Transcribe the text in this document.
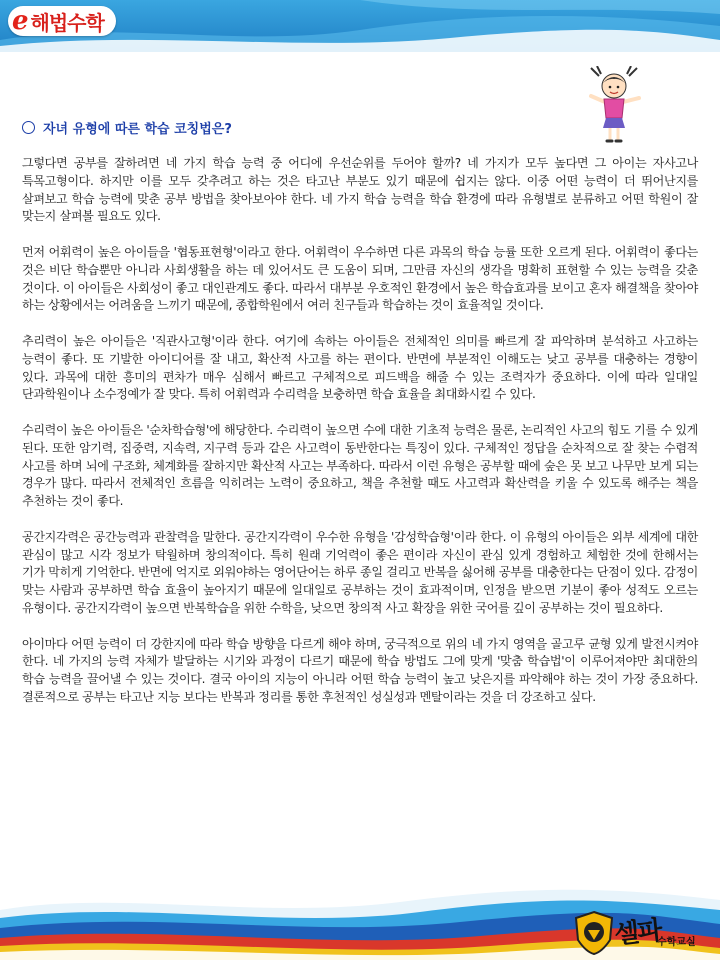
e 해법수학
자녀 유형에 따른 학습 코칭법은?

그렇다면 공부를 잘하려면 네 가지 학습 능력 중 어디에 우선순위를 두어야 할까? 네 가지가 모두 높다면 그 아이는 자사고나 특목고형이다. 하지만 이를 모두 갖추려고 하는 것은 타고난 부분도 있기 때문에 쉽지는 않다. 이중 어떤 능력이 더 뛰어난지를 살펴보고 학습 능력에 맞춘 공부 방법을 찾아보아야 한다. 네 가지 학습 능력을 학습 환경에 따라 유형별로 분류하고 어떤 학원이 잘 맞는지 살펴볼 필요도 있다.

먼저 어휘력이 높은 아이들을 '협동표현형'이라고 한다. 어휘력이 우수하면 다른 과목의 학습 능률 또한 오르게 된다. 어휘력이 좋다는 것은 비단 학습뿐만 아니라 사회생활을 하는 데 있어서도 큰 도움이 되며, 그만큼 자신의 생각을 명확히 표현할 수 있는 능력을 갖춘 것이다. 이 아이들은 사회성이 좋고 대인관계도 좋다. 따라서 대부분 우호적인 환경에서 높은 학습효과를 보이고 혼자 해결책을 찾아야 하는 상황에서는 어려움을 느끼기 때문에, 종합학원에서 여러 친구들과 학습하는 것이 효율적일 것이다.

추리력이 높은 아이들은 '직관사고형'이라 한다. 여기에 속하는 아이들은 전체적인 의미를 빠르게 잘 파악하며 분석하고 사고하는 능력이 좋다. 또 기발한 아이디어를 잘 내고, 확산적 사고를 하는 편이다. 반면에 부분적인 이해도는 낮고 공부를 대충하는 경향이 있다. 과목에 대한 흥미의 편차가 매우 심해서 빠르고 구체적으로 피드백을 해줄 수 있는 조력자가 중요하다. 이에 따라 일대일 단과학원이나 소수정예가 잘 맞다. 특히 어휘력과 수리력을 보충하면 학습 효율을 최대화시킬 수 있다.

수리력이 높은 아이들은 '순차학습형'에 해당한다. 수리력이 높으면 수에 대한 기초적 능력은 물론, 논리적인 사고의 힘도 기를 수 있게 된다. 또한 암기력, 집중력, 지속력, 지구력 등과 같은 사고력이 동반한다는 특징이 있다. 구체적인 정답을 순차적으로 잘 찾는 수렴적 사고를 하며 뇌에 구조화, 체계화를 잘하지만 확산적 사고는 부족하다. 따라서 이런 유형은 공부할 때에 숲은 못 보고 나무만 보게 되는 경우가 많다. 따라서 전체적인 흐름을 익히려는 노력이 중요하고, 책을 추천할 때도 사고력과 확산력을 키울 수 있도록 해주는 책을 추천하는 것이 좋다.

공간지각력은 공간능력과 관찰력을 말한다. 공간지각력이 우수한 유형을 '감성학습형'이라 한다. 이 유형의 아이들은 외부 세계에 대한 관심이 많고 시각 정보가 탁월하며 창의적이다. 특히 원래 기억력이 좋은 편이라 자신이 관심 있게 경험하고 체험한 것에 한해서는 기가 막히게 기억한다. 반면에 억지로 외워야하는 영어단어는 하루 종일 걸리고 반복을 싫어해 공부를 대충한다는 단점이 있다. 감정이 맞는 사람과 공부하면 학습 효율이 높아지기 때문에 일대일로 공부하는 것이 효과적이며, 인정을 받으면 기분이 좋아 성적도 오르는 유형이다. 공간지각력이 높으면 반복학습을 위한 수학을, 낮으면 창의적 사고 확장을 위한 국어를 깊이 공부하는 것이 필요하다.

아이마다 어떤 능력이 더 강한지에 따라 학습 방향을 다르게 해야 하며, 궁극적으로 위의 네 가지 영역을 골고루 균형 있게 발전시켜야 한다. 네 가지의 능력 자체가 발달하는 시기와 과정이 다르기 때문에 학습 방법도 그에 맞게 '맞춤 학습법'이 이루어져야만 최대한의 학습 능력을 끌어낼 수 있는 것이다. 결국 아이의 지능이 아니라 어떤 학습 능력이 높고 낮은지를 파악해야 하는 것이 가장 중요하다. 결론적으로 공부는 타고난 지능 보다는 반복과 정리를 통한 후천적인 성실성과 멘탈이라는 것을 더 강조하고 싶다.

셀파
수학교실
